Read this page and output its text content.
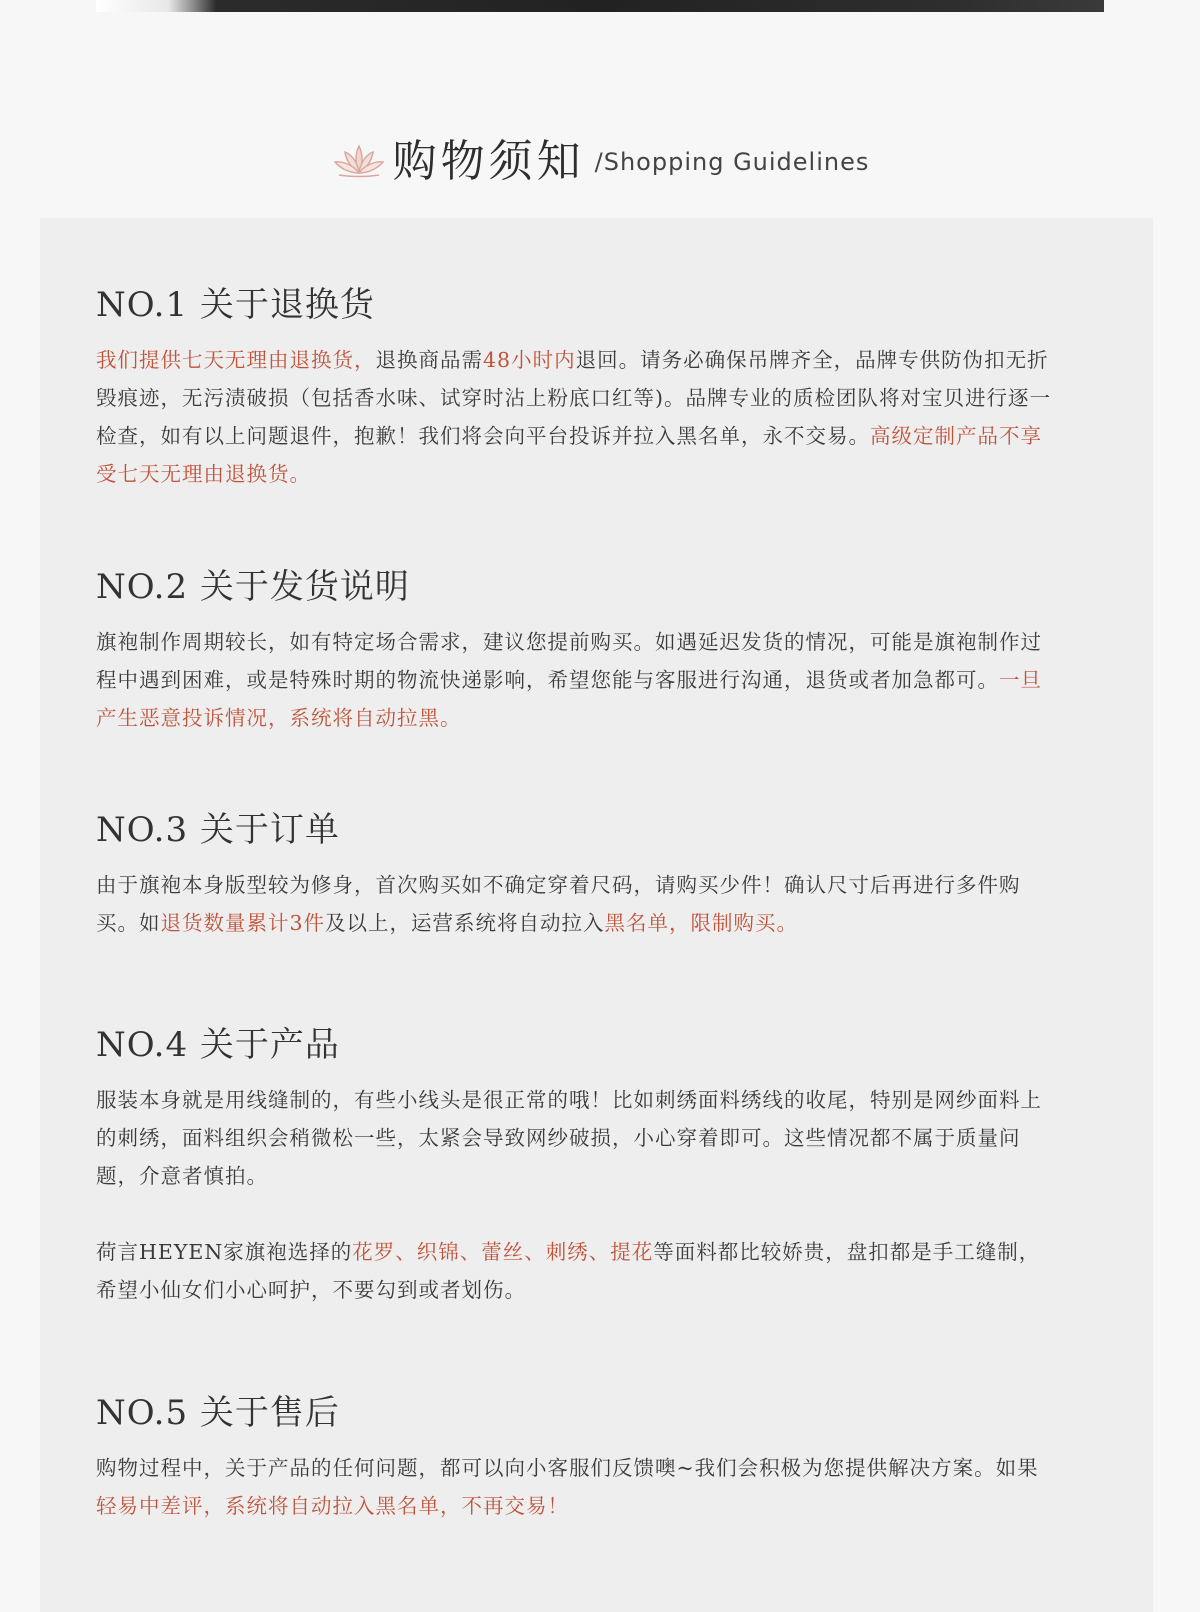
购物须知 /Shopping Guidelines
NO.1 关于退换货

我们提供七天无理由退换货，退换商品需48小时内退回。请务必确保吊牌齐全，品牌专供防伪扣无折毁痕迹，无污渍破损（包括香水味、试穿时沾上粉底口红等)。品牌专业的质检团队将对宝贝进行逐一检查，如有以上问题退件，抱歉！我们将会向平台投诉并拉入黑名单，永不交易。高级定制产品不享受七天无理由退换货。

NO.2 关于发货说明

旗袍制作周期较长，如有特定场合需求，建议您提前购买。如遇延迟发货的情况，可能是旗袍制作过程中遇到困难，或是特殊时期的物流快递影响，希望您能与客服进行沟通，退货或者加急都可。一旦产生恶意投诉情况，系统将自动拉黑。

NO.3 关于订单

由于旗袍本身版型较为修身，首次购买如不确定穿着尺码，请购买少件！确认尺寸后再进行多件购买。如退货数量累计3件及以上，运营系统将自动拉入黑名单，限制购买。

NO.4 关于产品

服装本身就是用线缝制的，有些小线头是很正常的哦！比如刺绣面料绣线的收尾，特别是网纱面料上的刺绣，面料组织会稍微松一些，太紧会导致网纱破损，小心穿着即可。这些情况都不属于质量问题，介意者慎拍。

荷言HEYEN家旗袍选择的花罗、织锦、蕾丝、刺绣、提花等面料都比较娇贵，盘扣都是手工缝制，希望小仙女们小心呵护，不要勾到或者划伤。

NO.5 关于售后

购物过程中，关于产品的任何问题，都可以向小客服们反馈噢~我们会积极为您提供解决方案。如果轻易中差评，系统将自动拉入黑名单，不再交易！
